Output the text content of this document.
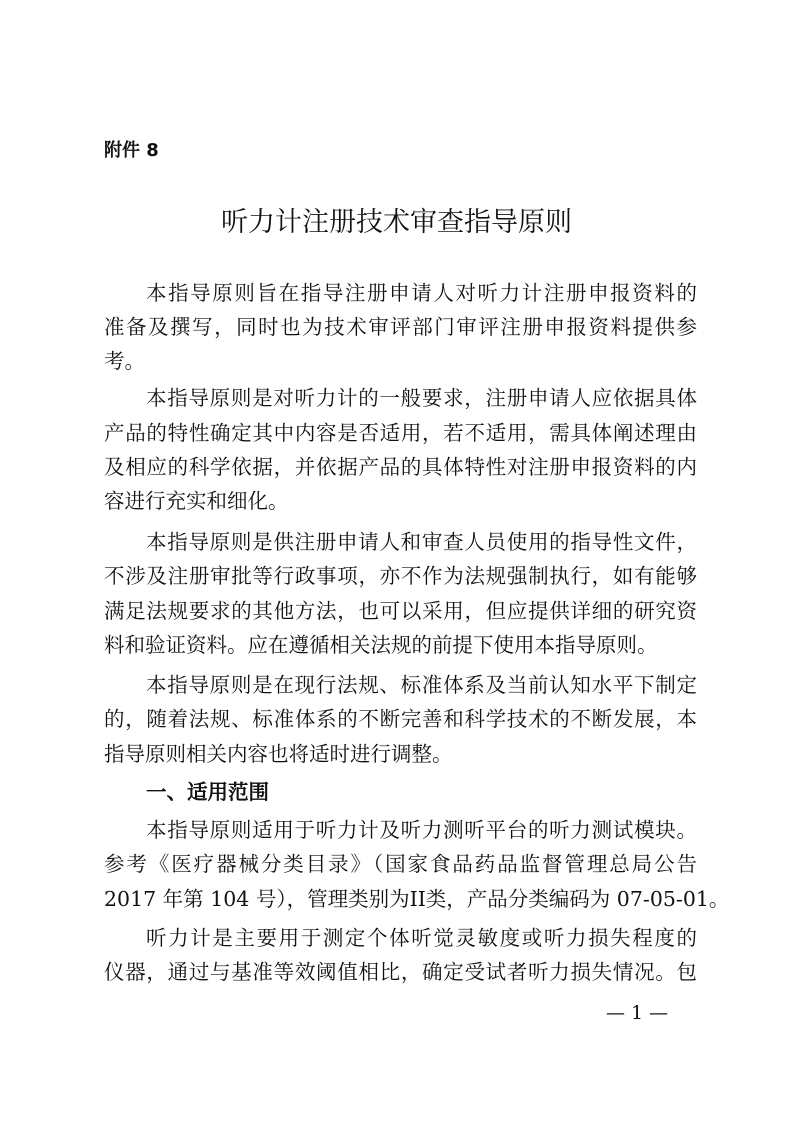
附件 8
听力计注册技术审查指导原则
本指导原则旨在指导注册申请人对听力计注册申报资料的
准备及撰写，同时也为技术审评部门审评注册申报资料提供参
考。
本指导原则是对听力计的一般要求，注册申请人应依据具体
产品的特性确定其中内容是否适用，若不适用，需具体阐述理由
及相应的科学依据，并依据产品的具体特性对注册申报资料的内
容进行充实和细化。
本指导原则是供注册申请人和审查人员使用的指导性文件，
不涉及注册审批等行政事项，亦不作为法规强制执行，如有能够
满足法规要求的其他方法，也可以采用，但应提供详细的研究资
料和验证资料。应在遵循相关法规的前提下使用本指导原则。
本指导原则是在现行法规、标准体系及当前认知水平下制定
的，随着法规、标准体系的不断完善和科学技术的不断发展，本
指导原则相关内容也将适时进行调整。
本指导原则适用于听力计及听力测听平台的听力测试模块。
参考《医疗器械分类目录》（国家食品药品监督管理总局公告
2017 年第 104 号），管理类别为II类，产品分类编码为 07-05-01。
听力计是主要用于测定个体听觉灵敏度或听力损失程度的
仪器，通过与基准等效阈值相比，确定受试者听力损失情况。包
一、适用范围
— 1 —
